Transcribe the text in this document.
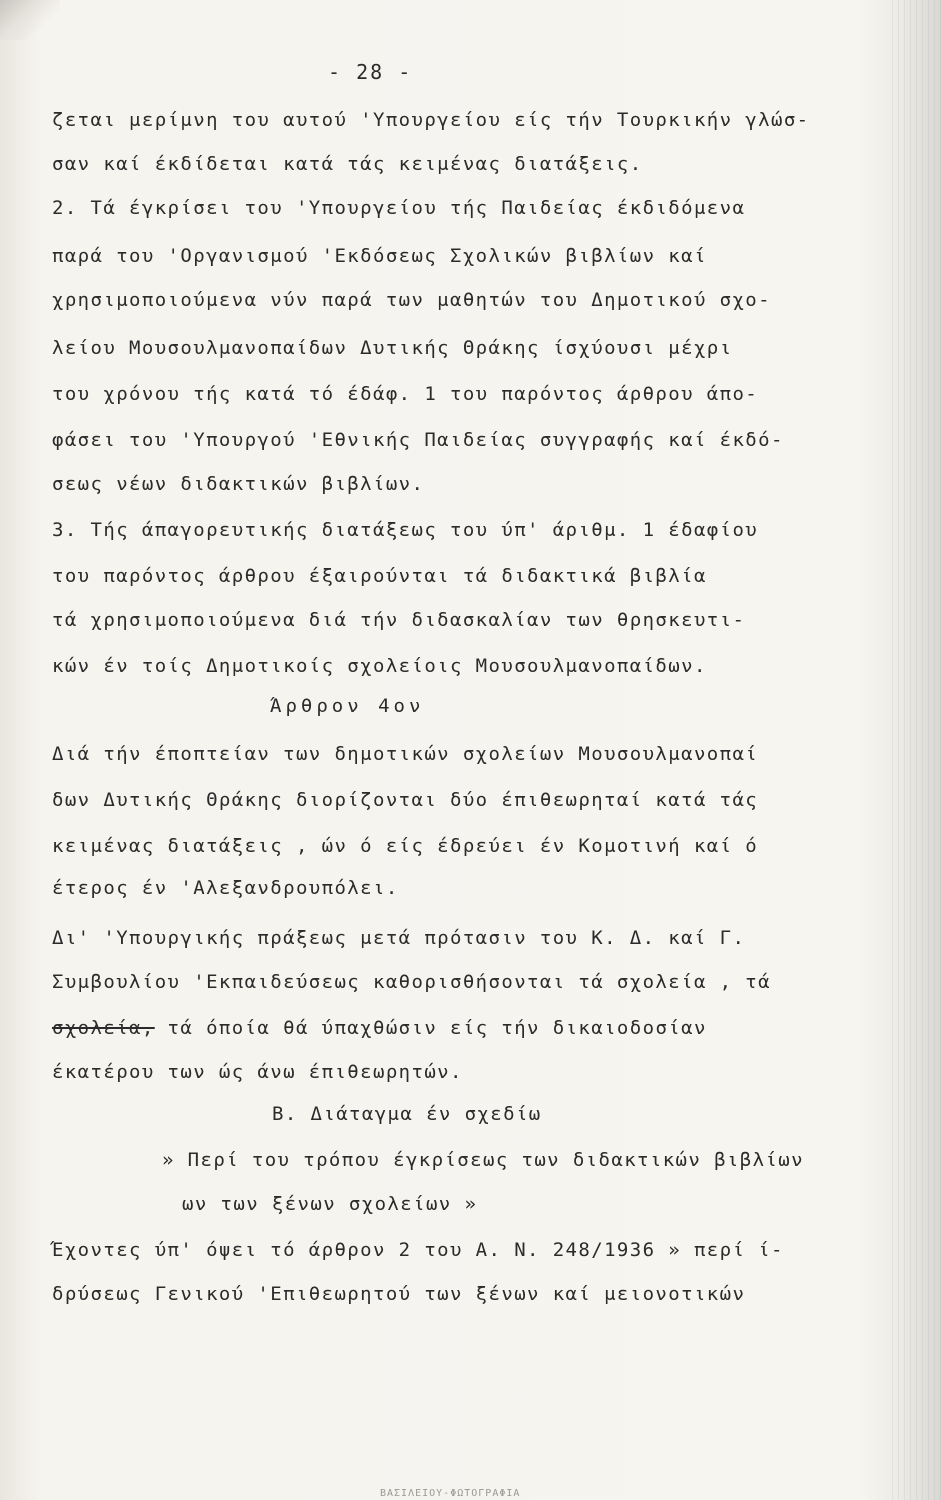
- 28 -
ζεται μερίμνη του αυτού 'Υπουργείου είς τήν Τουρκικήν γλώσ-
σαν καί έκδίδεται κατά τάς κειμένας διατάξεις.
2. Τά έγκρίσει του 'Υπουργείου τής Παιδείας έκδιδόμενα
παρά του 'Οργανισμού 'Εκδόσεως Σχολικών βιβλίων καί
χρησιμοποιούμενα νύν παρά των μαθητών του Δημοτικού σχο-
λείου Μουσουλμανοπαίδων Δυτικής Θράκης ίσχύουσι μέχρι
του χρόνου τής κατά τό έδάφ. 1 του παρόντος άρθρου άπο-
φάσει του 'Υπουργού 'Εθνικής Παιδείας συγγραφής καί έκδό-
σεως νέων διδακτικών βιβλίων.
3. Τής άπαγορευτικής διατάξεως του ύπ' άριθμ. 1 έδαφίου
του παρόντος άρθρου έξαιρούνται τά διδακτικά βιβλία
τά χρησιμοποιούμενα διά τήν διδασκαλίαν των θρησκευτι-
κών έν τοίς Δημοτικοίς σχολείοις Μουσουλμανοπαίδων.
Άρθρον 4ον
Διά τήν έποπτείαν των δημοτικών σχολείων Μουσουλμανοπαί
δων Δυτικής Θράκης διορίζονται δύο έπιθεωρηταί κατά τάς
κειμένας διατάξεις , ών ό είς έδρεύει έν Κομοτινή καί ό
έτερος έν 'Αλεξανδρουπόλει.
Δι' 'Υπουργικής πράξεως μετά πρότασιν του Κ. Δ. καί Γ.
Συμβουλίου 'Εκπαιδεύσεως καθορισθήσονται τά σχολεία , τά
σχολεία, τά όποία θά ύπαχθώσιν είς τήν δικαιοδοσίαν
έκατέρου των ώς άνω έπιθεωρητών.
Β. Διάταγμα έν σχεδίω
» Περί του τρόπου έγκρίσεως των διδακτικών βιβλίων
ων των ξένων σχολείων »
Έχοντες ύπ' όψει τό άρθρον 2 του Α. Ν. 248/1936 » περί ί-
δρύσεως Γενικού 'Επιθεωρητού των ξένων καί μειονοτικών
ΒΑΣΙΛΕΙΟΥ-ΦΩΤΟΓΡΑΦΙΑ
